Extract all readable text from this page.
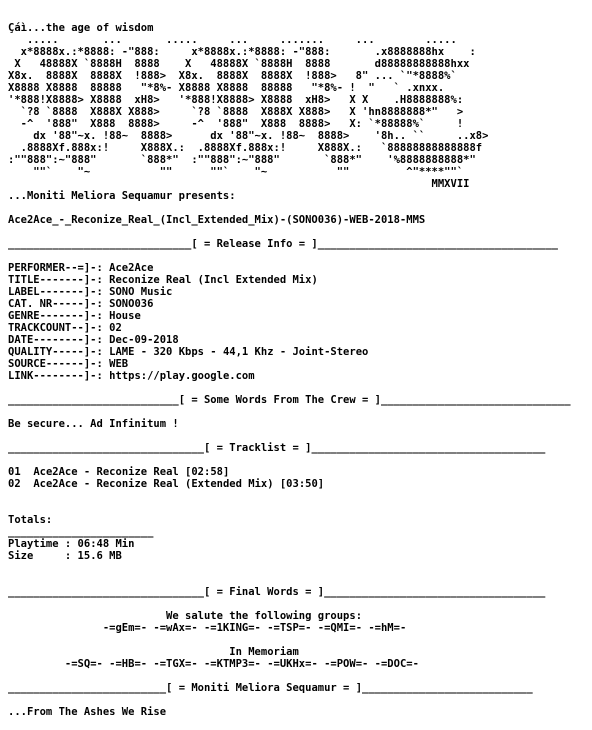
Çáì...the age of wisdom
.....       ...       .....     ...     .......     ...        .....
x*8888x.:*8888: -"888:     x*8888x.:*8888: -"888:       .x8888888hx    :
X   48888X `8888H  8888    X   48888X `8888H  8888       d88888888888hxx
X8x.  8888X  8888X  !888>  X8x.  8888X  8888X  !888>   8" ... `"*8888%`
X8888 X8888  88888   "*8%- X8888 X8888  88888   "*8%- !  "   ` .xnxx.
'*888!X8888> X8888  xH8>   '*888!X8888> X8888  xH8>   X X    .H8888888%:
`?8 `8888  X888X X888>     `?8 `8888  X888X X888>   X 'hn8888888*"   >
-^  '888"  X888  8888>     -^  '888"  X888  8888>   X: `*88888%`     !
dx '88"~x. !88~  8888>      dx '88"~x. !88~  8888>    '8h.. ``     ..x8>
.8888Xf.888x:!     X888X.:  .8888Xf.888x:!     X888X.:   `88888888888888f
:""888":~"888"       `888*"  :""888":~"888"       `888*"    '%8888888888*"
""`    "~           ""      ""`    "~           ""         ^"****""`
MMXVII
...Moniti Meliora Sequamur presents:

Ace2Ace_-_Reconize_Real_(Incl_Extended_Mix)-(SONO036)-WEB-2018-MMS

_____________________________[ = Release Info = ]______________________________________

PERFORMER--=]-: Ace2Ace
TITLE-------]-: Reconize Real (Incl Extended Mix)
LABEL-------]-: SONO Music
CAT. NR-----]-: SONO036
GENRE-------]-: House
TRACKCOUNT--]-: 02
DATE--------]-: Dec-09-2018
QUALITY-----]-: LAME - 320 Kbps - 44,1 Khz - Joint-Stereo
SOURCE------]-: WEB
LINK--------]-: https://play.google.com

___________________________[ = Some Words From The Crew = ]______________________________

Be secure... Ad Infinitum !

_______________________________[ = Tracklist = ]_____________________________________

01 Ace2Ace - Reconize Real [02:58]
02 Ace2Ace - Reconize Real (Extended Mix) [03:50]

Totals:
_______________________
Playtime : 06:48 Min
Size     : 15.6 MB

_______________________________[ = Final Words = ]___________________________________

We salute the following groups:
-=gEm=- -=wAx=- -=1KING=- -=TSP=- -=QMI=- -=hM=-

In Memoriam
-=SQ=- -=HB=- -=TGX=- -=KTMP3=- -=UKHx=- -=POW=- -=DOC=-

_________________________[ = Moniti Meliora Sequamur = ]___________________________

...From The Ashes We Rise
